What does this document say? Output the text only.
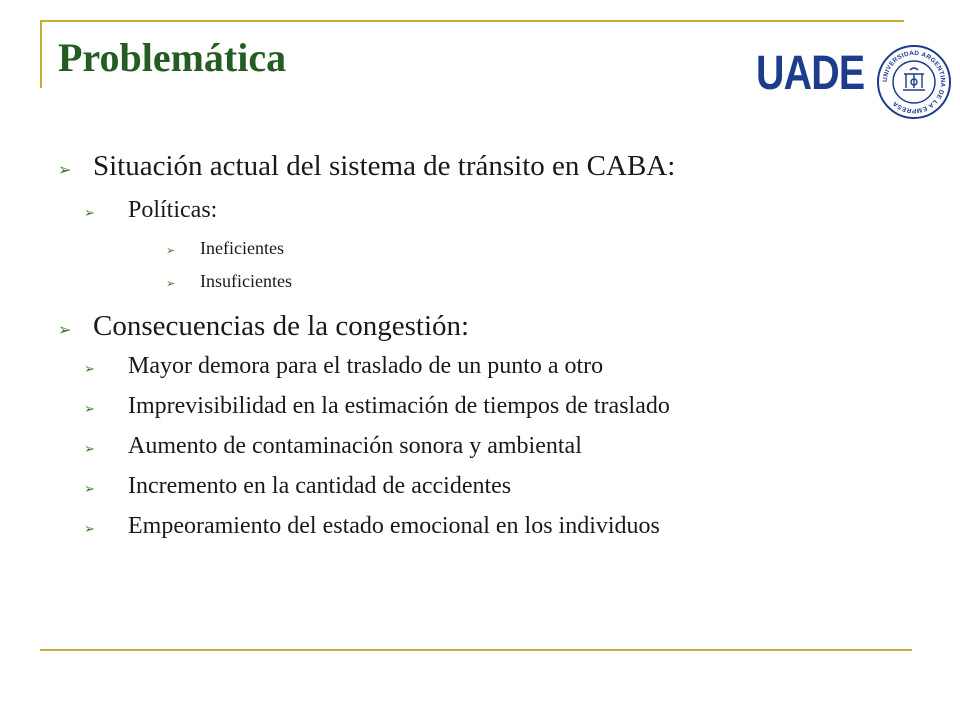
Problemática	UADE	UNIVERSIDAD ARGENTINA DE LA EMPRESA
➢ Situación actual del sistema de tránsito en CABA:
➢	Políticas:
➢	Ineficientes
➢	Insuficientes
➢ Consecuencias de la congestión:
➢	Mayor demora para el traslado de un punto a otro
➢	Imprevisibilidad en la estimación de tiempos de traslado
➢	Aumento de contaminación sonora y ambiental
➢	Incremento en la cantidad de accidentes
➢	Empeoramiento del estado emocional en los individuos
